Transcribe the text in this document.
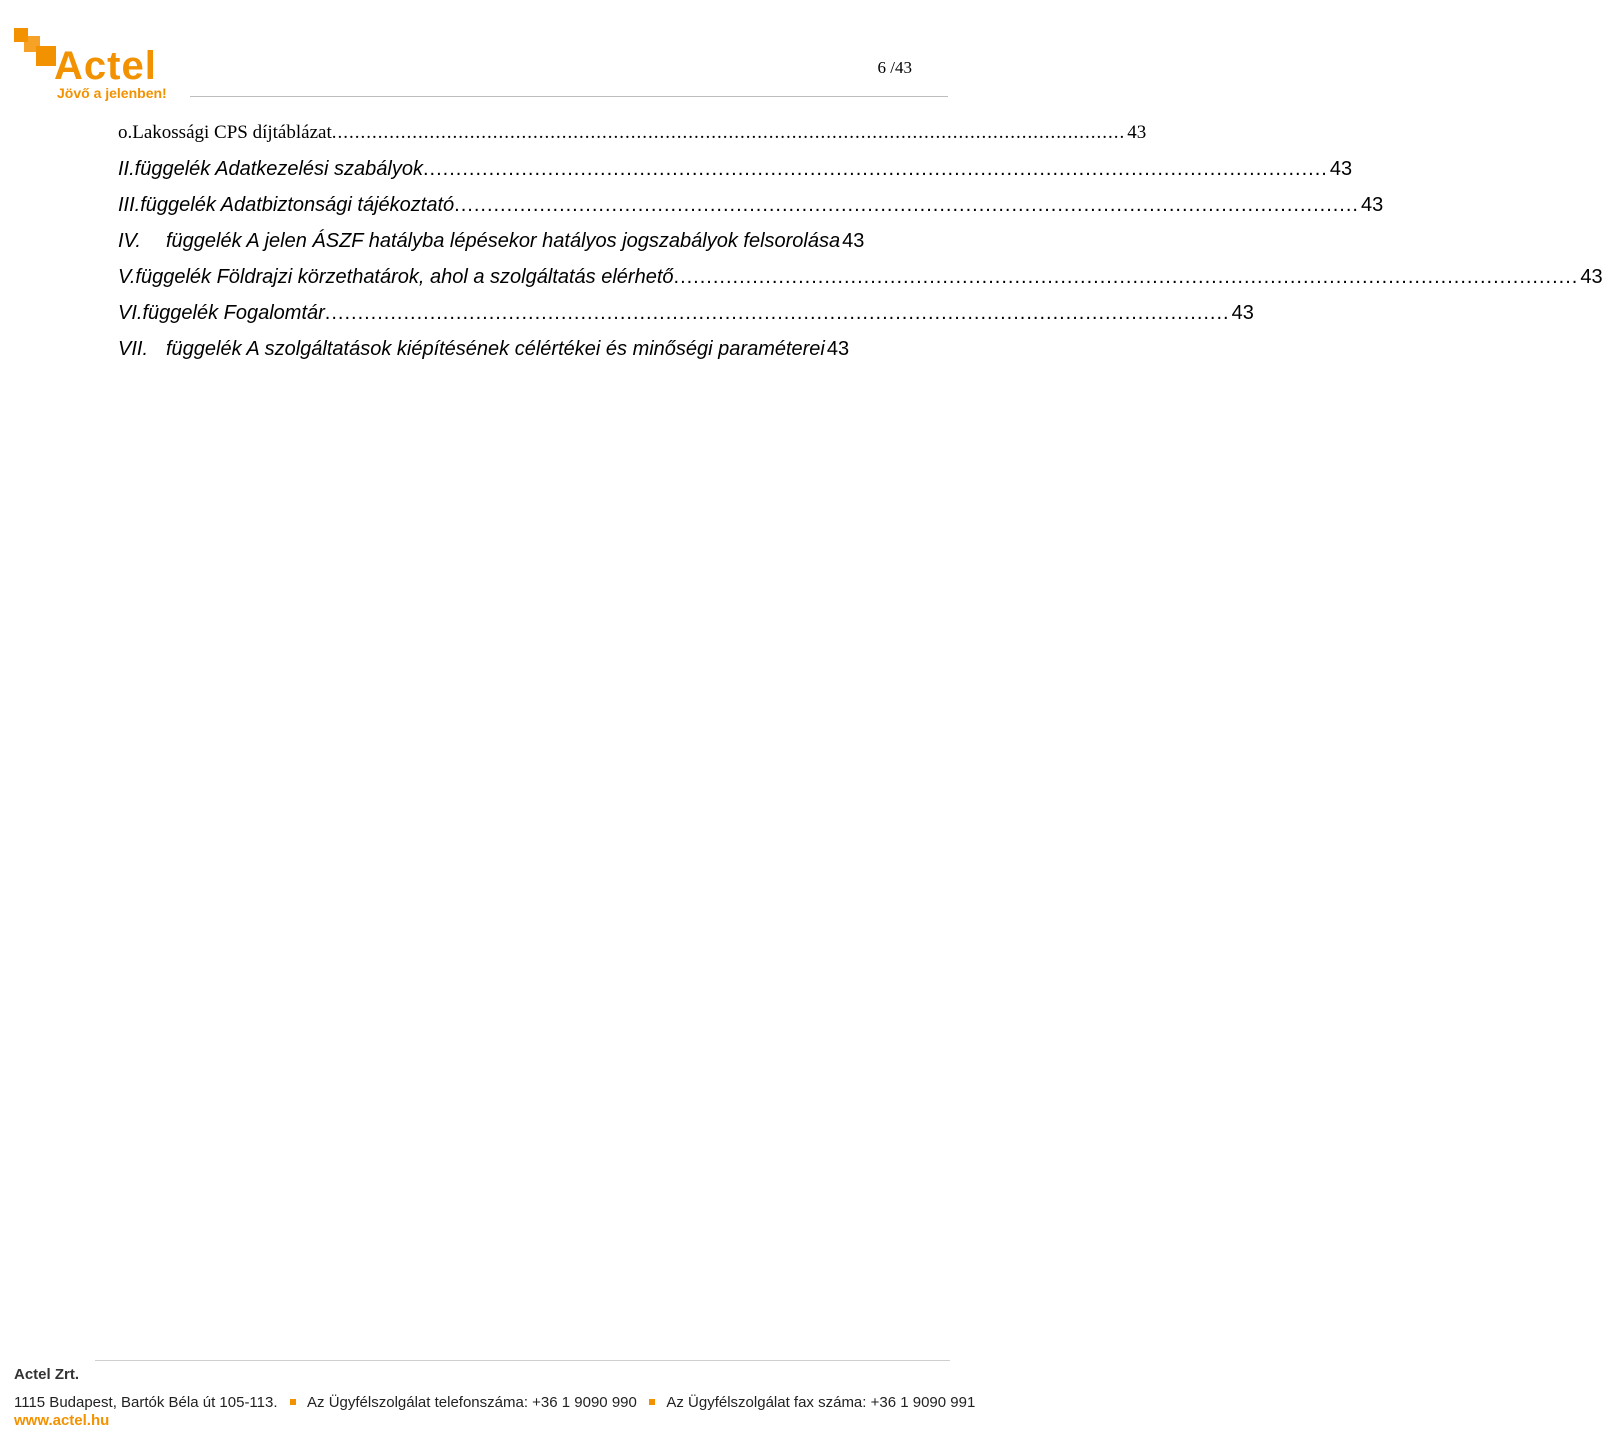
Actel
Jövő a jelenben!
6 /43
o. Lakossági CPS díjtáblázat .......................................................................................................................................... 43
II. függelék Adatkezelési szabályok .......................................................................................................................................... 43
III. függelék Adatbiztonsági tájékoztató .......................................................................................................................................... 43
IV.	függelék A jelen ÁSZF hatályba lépésekor hatályos jogszabályok felsorolása 43
V. függelék Földrajzi körzethatárok, ahol a szolgáltatás elérhető .......................................................................................................................................... 43
VI. függelék Fogalomtár .......................................................................................................................................... 43
VII. függelék A szolgáltatások kiépítésének célértékei és minőségi paraméterei 43
Actel Zrt.
1115 Budapest, Bartók Béla út 105-113. Az Ügyfélszolgálat telefonszáma: +36 1 9090 990 Az Ügyfélszolgálat fax száma: +36 1 9090 991
www.actel.hu
